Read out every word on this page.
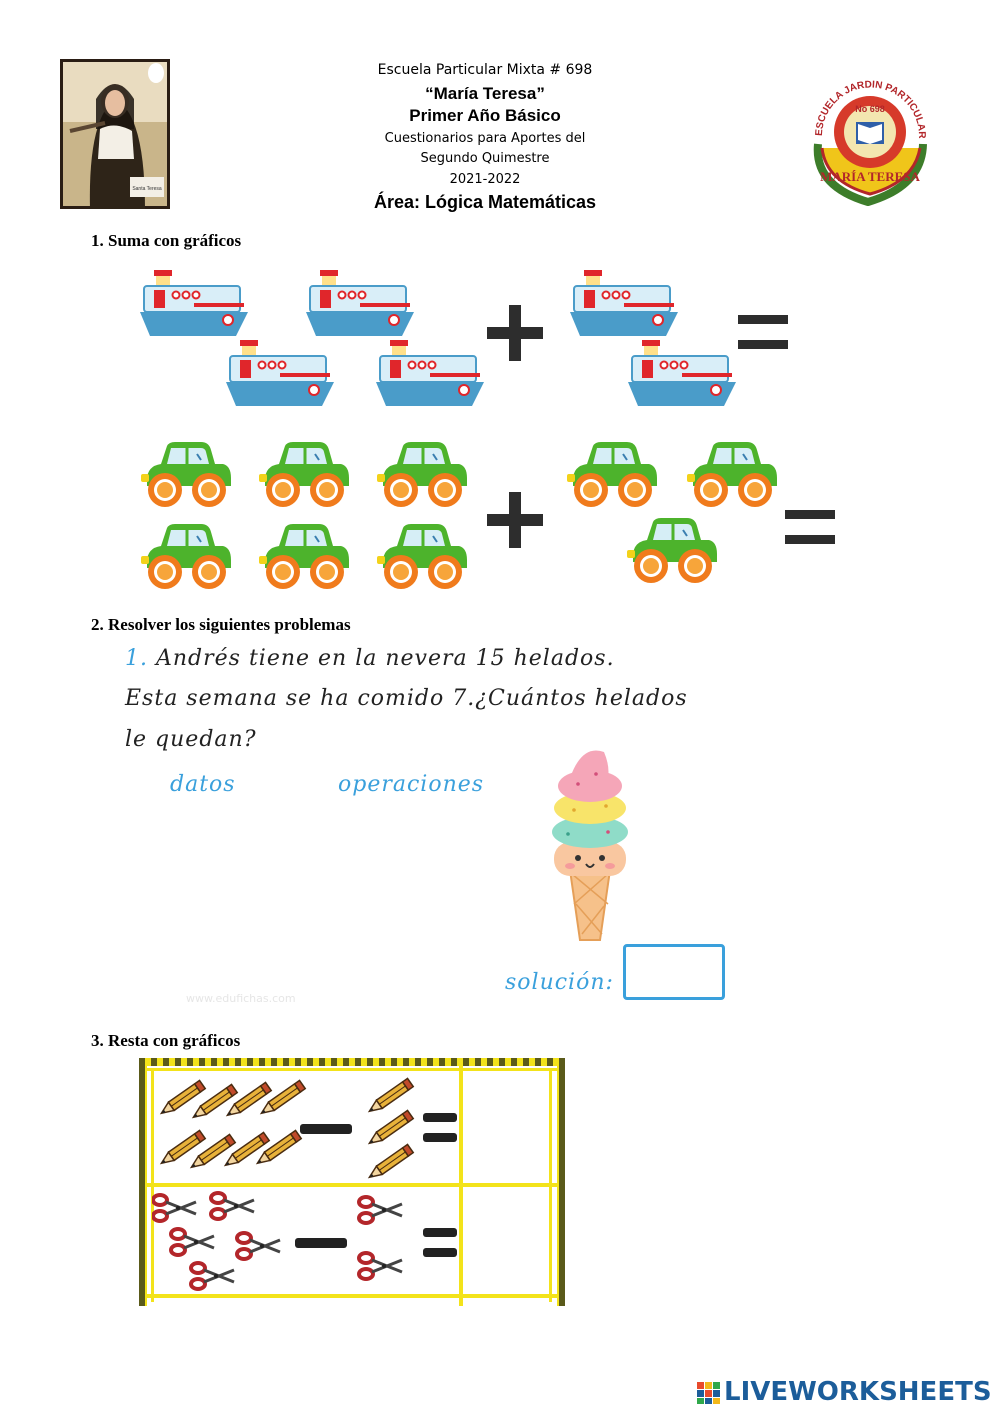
Santa Teresa
Escuela Particular Mixta # 698
“María Teresa”
Primer Año Básico
Cuestionarios para Aportes del
Segundo Quimestre
2021-2022
Área: Lógica Matemáticas
ESCUELA JARDIN PARTICULAR
No 698
MARÍA TERESA
1. Suma con gráficos
2. Resolver los siguientes problemas
1. Andrés tiene en la nevera 15 helados.
Esta semana se ha comido 7.¿Cuántos helados
le quedan?
datos	operaciones
solución:
www.edufichas.com
3. Resta con gráficos
LIVEWORKSHEETS
